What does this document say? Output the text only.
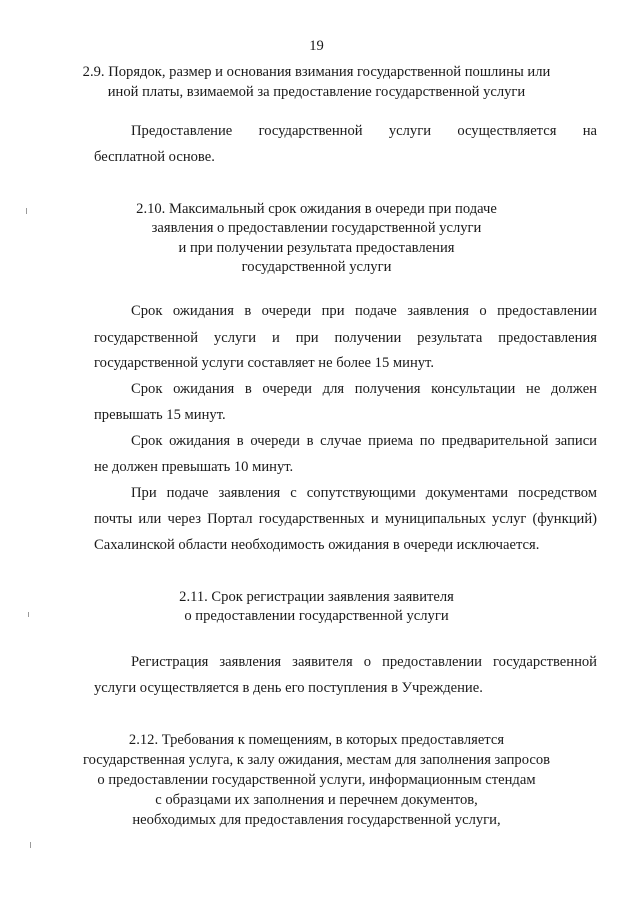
19
2.9. Порядок, размер и основания взимания государственной пошлины или
иной платы, взимаемой за предоставление государственной услуги
Предоставление государственной услуги осуществляется на
бесплатной основе.
2.10. Максимальный срок ожидания в очереди при подаче
заявления о предоставлении государственной услуги
и при получении результата предоставления
государственной услуги
Срок ожидания в очереди при подаче заявления о предоставлении
государственной услуги и при получении результата предоставления
государственной услуги составляет не более 15 минут.
Срок ожидания в очереди для получения консультации не должен
превышать 15 минут.
Срок ожидания в очереди в случае приема по предварительной записи
не должен превышать 10 минут.
При подаче заявления с сопутствующими документами посредством
почты или через Портал государственных и муниципальных услуг (функций)
Сахалинской области необходимость ожидания в очереди исключается.
2.11. Срок регистрации заявления заявителя
о предоставлении государственной услуги
Регистрация заявления заявителя о предоставлении государственной
услуги осуществляется в день его поступления в Учреждение.
2.12. Требования к помещениям, в которых предоставляется
государственная услуга, к залу ожидания, местам для заполнения запросов
о предоставлении государственной услуги, информационным стендам
с образцами их заполнения и перечнем документов,
необходимых для предоставления государственной услуги,
